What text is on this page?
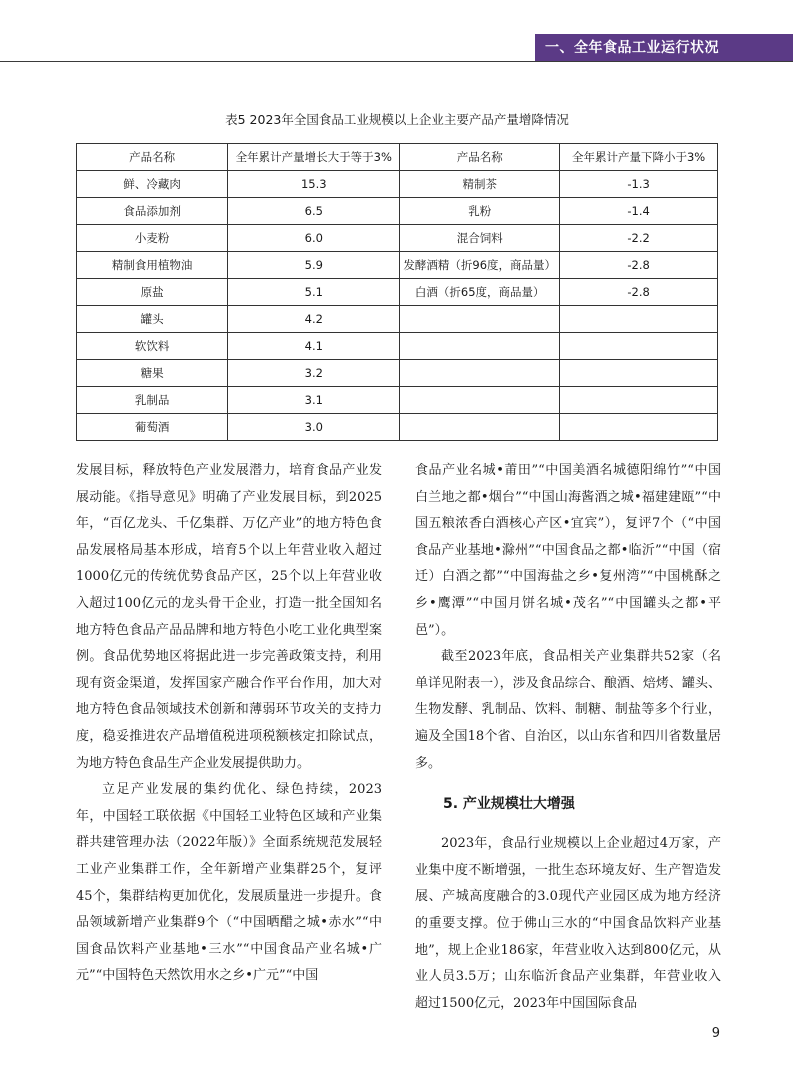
一、全年食品工业运行状况
表5 2023年全国食品工业规模以上企业主要产品产量增降情况
产品名称	全年累计产量增长大于等于3%	产品名称	全年累计产量下降小于3%
鲜、冷藏肉	15.3	精制茶	-1.3
食品添加剂	6.5	乳粉	-1.4
小麦粉	6.0	混合饲料	-2.2
精制食用植物油	5.9	发酵酒精（折96度，商品量）	-2.8
原盐	5.1	白酒（折65度，商品量）	-2.8
罐头	4.2		
软饮料	4.1		
糖果	3.2		
乳制品	3.1		
葡萄酒	3.0		

发展目标，释放特色产业发展潜力，培育食品产业发展动能。《指导意见》明确了产业发展目标，到2025年，“百亿龙头、千亿集群、万亿产业”的地方特色食品发展格局基本形成，培育5个以上年营业收入超过1000亿元的传统优势食品产区，25个以上年营业收入超过100亿元的龙头骨干企业，打造一批全国知名地方特色食品产品品牌和地方特色小吃工业化典型案例。食品优势地区将据此进一步完善政策支持，利用现有资金渠道，发挥国家产融合作平台作用，加大对地方特色食品领域技术创新和薄弱环节攻关的支持力度，稳妥推进农产品增值税进项税额核定扣除试点，为地方特色食品生产企业发展提供助力。

立足产业发展的集约优化、绿色持续，2023年，中国轻工联依据《中国轻工业特色区域和产业集群共建管理办法（2022年版）》全面系统规范发展轻工业产业集群工作，全年新增产业集群25个，复评45个，集群结构更加优化，发展质量进一步提升。食品领域新增产业集群9个（“中国晒醋之城•赤水”“中国食品饮料产业基地•三水”“中国食品产业名城•广元”“中国特色天然饮用水之乡•广元”“中国

食品产业名城•莆田”“中国美酒名城德阳绵竹”“中国白兰地之都•烟台”“中国山海酱酒之城•福建建瓯”“中国五粮浓香白酒核心产区•宜宾”），复评7个（“中国食品产业基地•滁州”“中国食品之都•临沂”“中国（宿迁）白酒之都”“中国海盐之乡•复州湾”“中国桃酥之乡•鹰潭”“中国月饼名城•茂名”“中国罐头之都•平邑”）。

截至2023年底，食品相关产业集群共52家（名单详见附表一），涉及食品综合、酿酒、焙烤、罐头、生物发酵、乳制品、饮料、制糖、制盐等多个行业，遍及全国18个省、自治区，以山东省和四川省数量居多。

5. 产业规模壮大增强

2023年，食品行业规模以上企业超过4万家，产业集中度不断增强，一批生态环境友好、生产智造发展、产城高度融合的3.0现代产业园区成为地方经济的重要支撑。位于佛山三水的“中国食品饮料产业基地”，规上企业186家，年营业收入达到800亿元，从业人员3.5万；山东临沂食品产业集群，年营业收入超过1500亿元，2023年中国国际食品

9
